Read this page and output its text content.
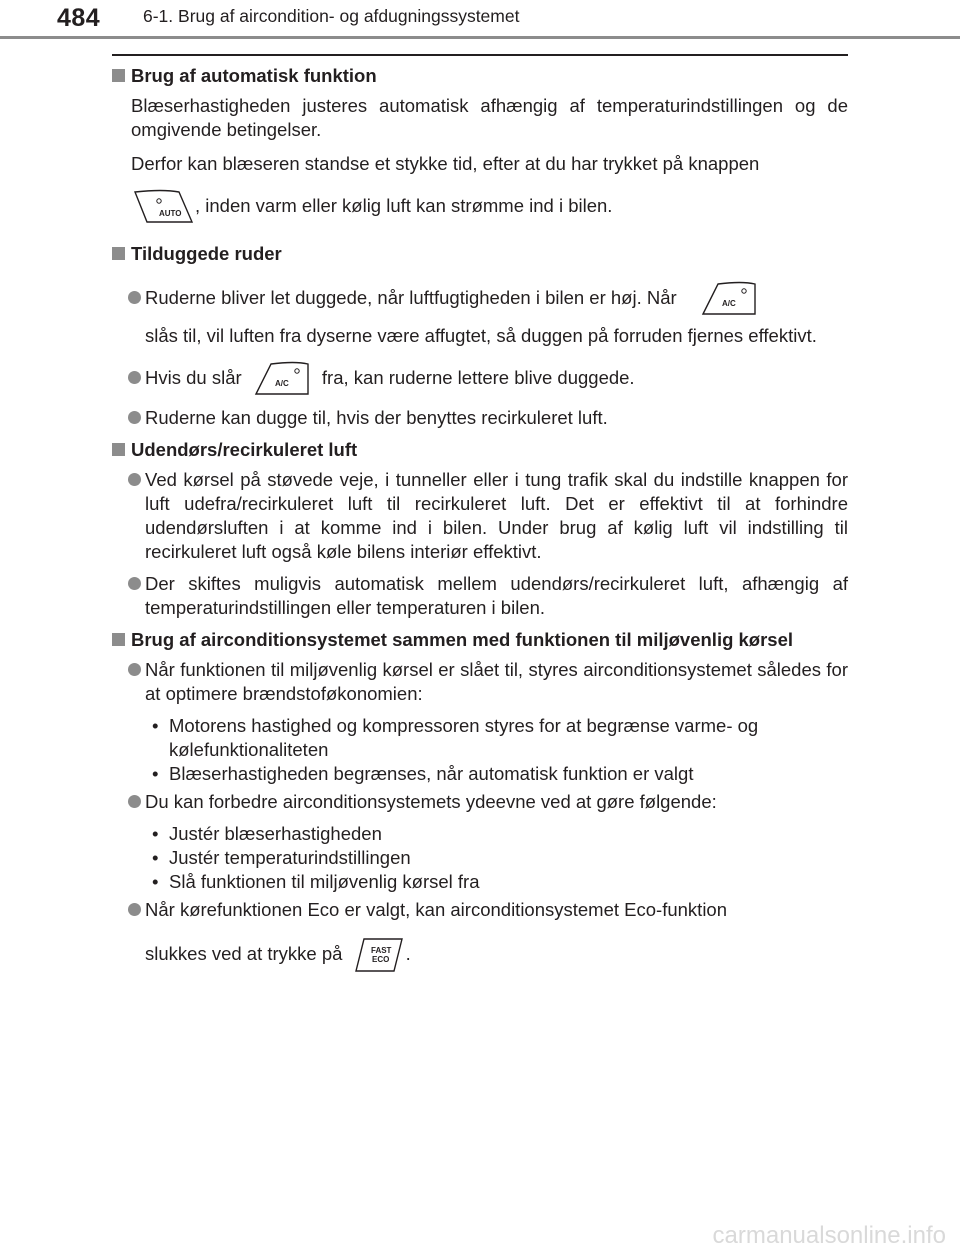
484 6-1. Brug af aircondition- og afdugningssystemet

Brug af automatisk funktion

Blæserhastigheden justeres automatisk afhængig af temperaturindstillingen og de omgivende betingelser.

Derfor kan blæseren standse et stykke tid, efter at du har trykket på knappen

AUTO , inden varm eller kølig luft kan strømme ind i bilen.

Tilduggede ruder

Ruderne bliver let duggede, når luftfugtigheden i bilen er høj. Når	A/C

slås til, vil luften fra dyserne være affugtet, så duggen på forruden fjernes effektivt.

Hvis du slår	A/C fra, kan ruderne lettere blive duggede.

Ruderne kan dugge til, hvis der benyttes recirkuleret luft.

Udendørs/recirkuleret luft

Ved kørsel på støvede veje, i tunneller eller i tung trafik skal du indstille knappen for luft udefra/recirkuleret luft til recirkuleret luft. Det er effektivt til at forhindre udendørsluften i at komme ind i bilen. Under brug af kølig luft vil indstilling til recirkuleret luft også køle bilens interiør effektivt.

Der skiftes muligvis automatisk mellem udendørs/recirkuleret luft, afhængig af temperaturindstillingen eller temperaturen i bilen.

Brug af airconditionsystemet sammen med funktionen til miljøvenlig kørsel

Når funktionen til miljøvenlig kørsel er slået til, styres airconditionsystemet således for at optimere brændstoføkonomien:

• Motorens hastighed og kompressoren styres for at begrænse varme- og kølefunktionaliteten

• Blæserhastigheden begrænses, når automatisk funktion er valgt

Du kan forbedre airconditionsystemets ydeevne ved at gøre følgende:

• Justér blæserhastigheden

• Justér temperaturindstillingen

• Slå funktionen til miljøvenlig kørsel fra

Når kørefunktionen Eco er valgt, kan airconditionsystemet Eco-funktion

slukkes ved at trykke på	FAST
ECO .

carmanualsonline.info
